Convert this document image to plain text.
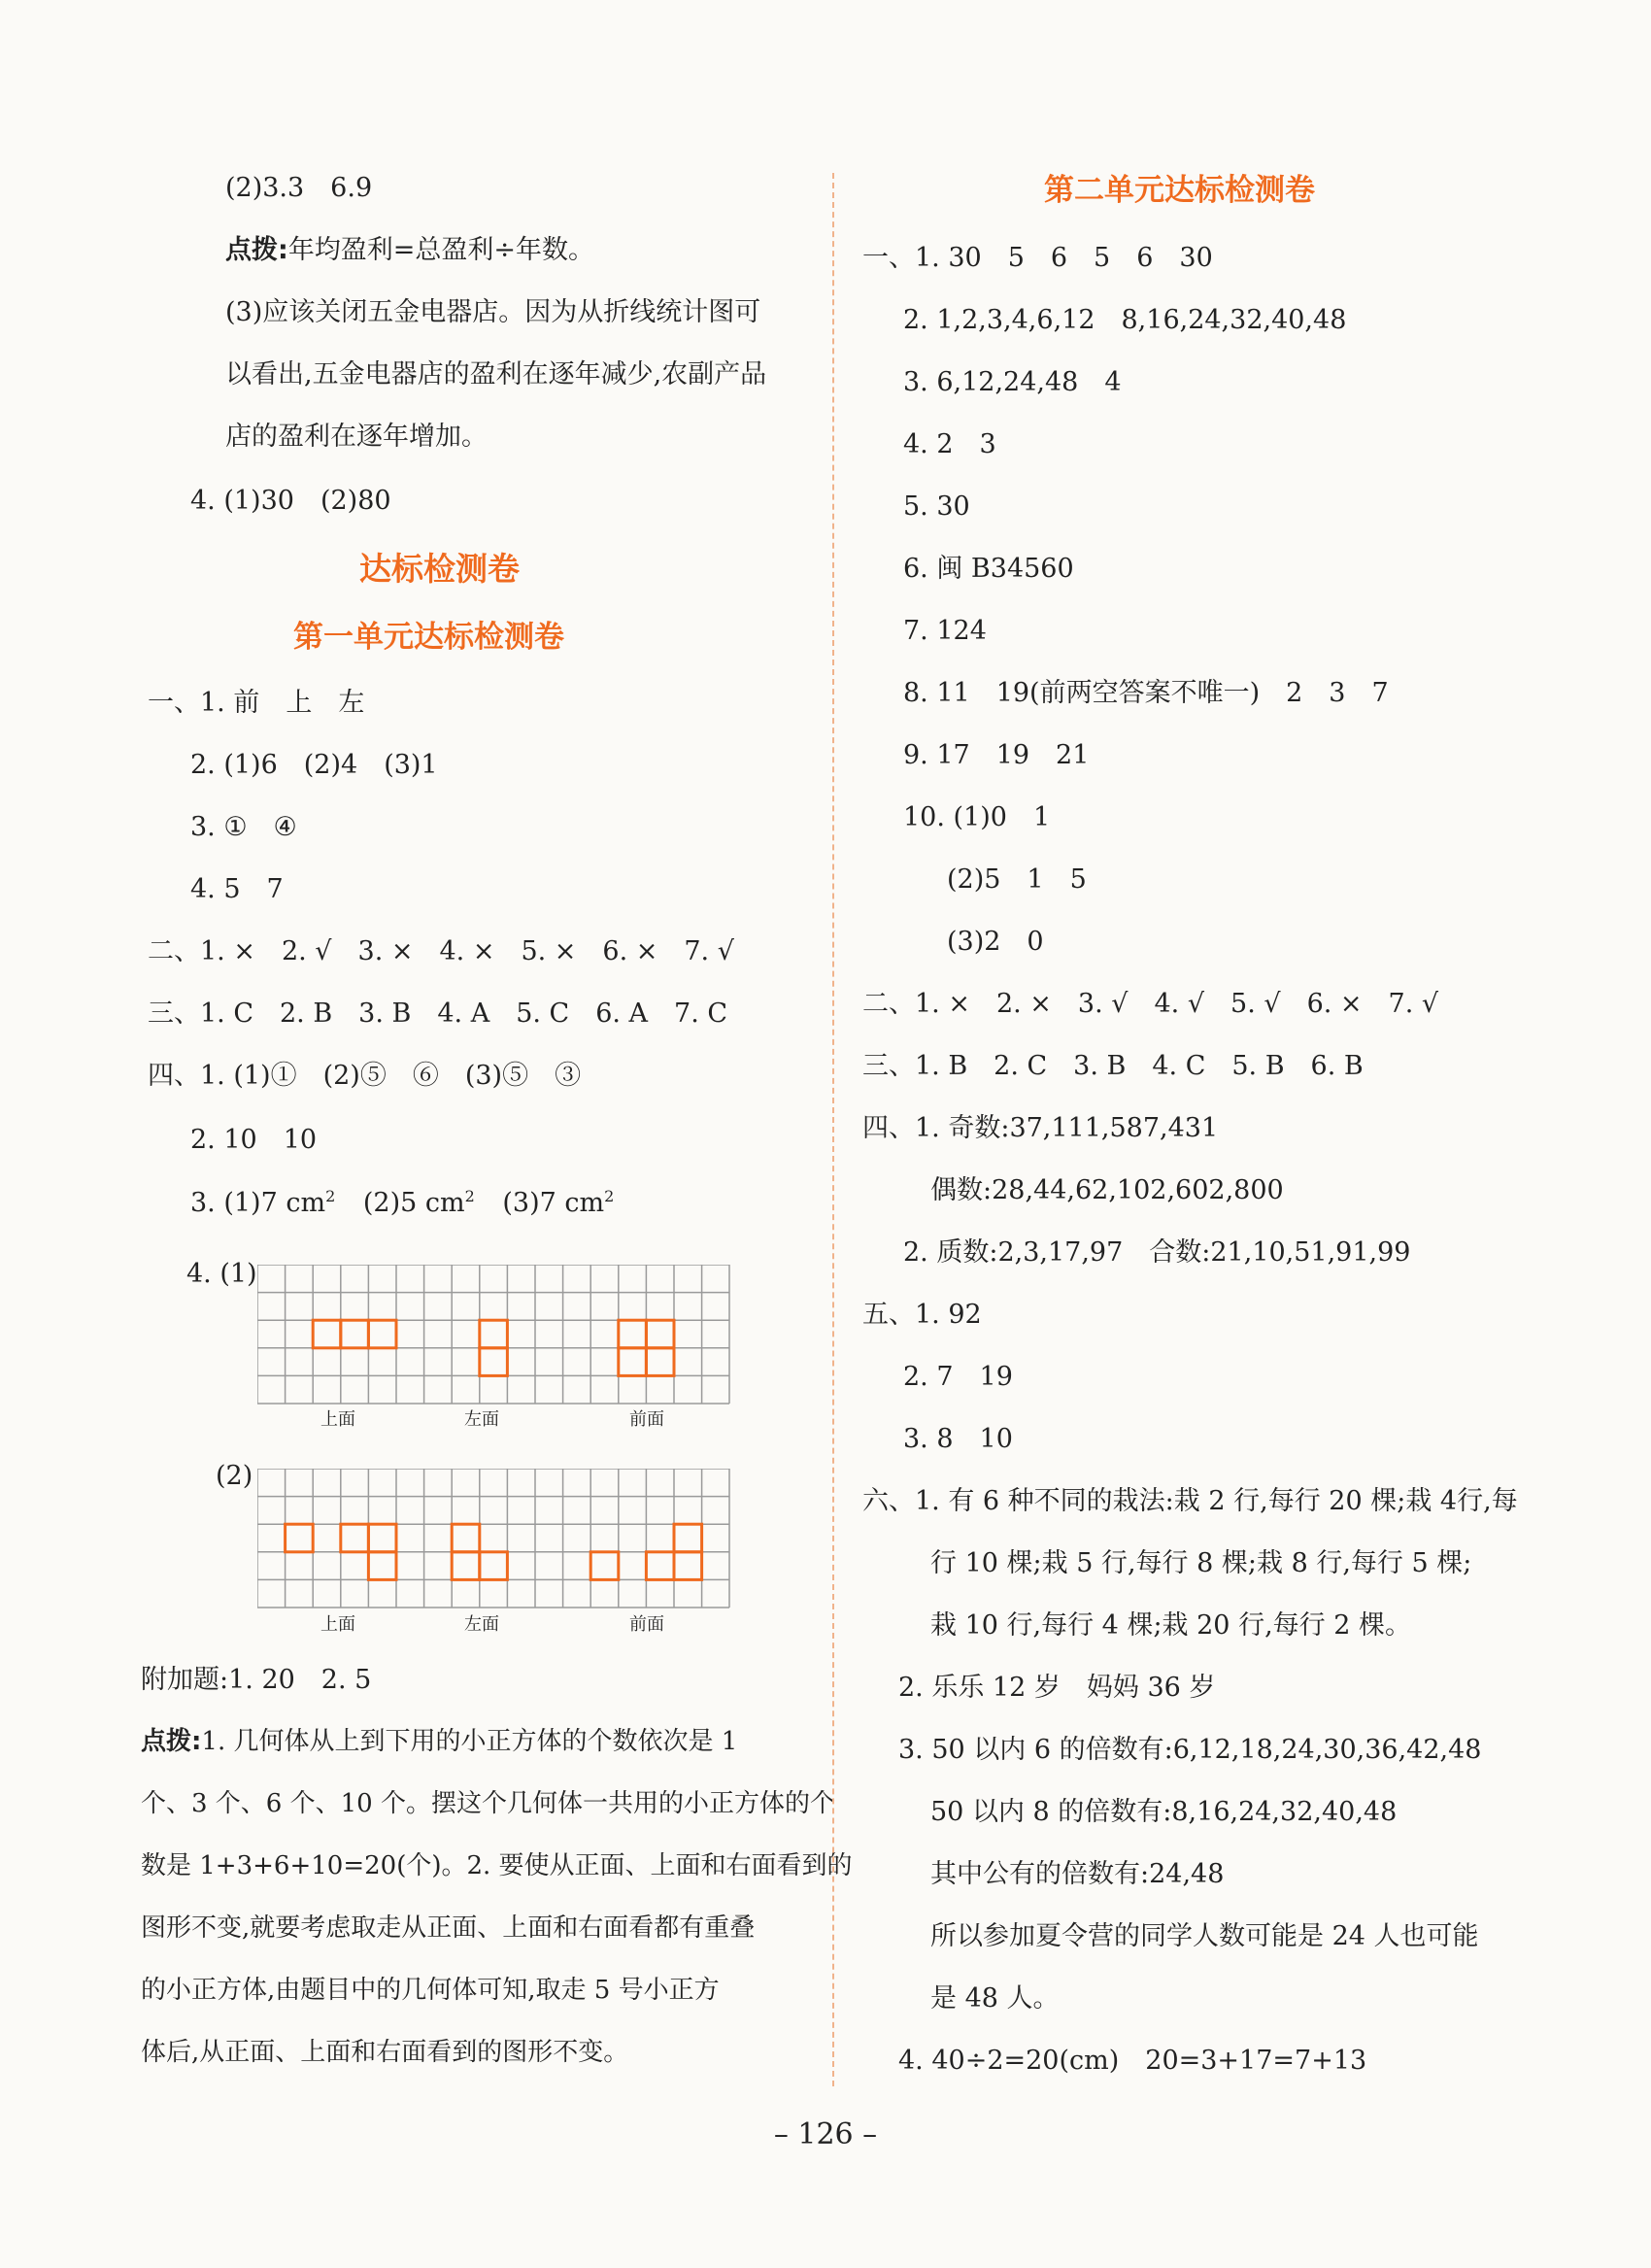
(2)3.3　6.9
点拨:年均盈利=总盈利÷年数。
(3)应该关闭五金电器店。因为从折线统计图可
以看出,五金电器店的盈利在逐年减少,农副产品
店的盈利在逐年增加。
4. (1)30　(2)80
达标检测卷
第一单元达标检测卷
一、1. 前　上　左
2. (1)6　(2)4　(3)1
3. ①　④
4. 5　7
二、1. ×　2. √　3. ×　4. ×　5. ×　6. ×　7. √
三、1. C　2. B　3. B　4. A　5. C　6. A　7. C
四、1. (1)①　(2)⑤　⑥　(3)⑤　③
2. 10　10
3. (1)7 $cm^2$ (2)5 $cm^2$ (3)7 $cm^2$
4. (1)
上面	左面	前面
(2)
上面	左面	前面
附加题:1. 20　2. 5
点拨:1. 几何体从上到下用的小正方体的个数依次是 1
个、3 个、6 个、10 个。摆这个几何体一共用的小正方体的个
数是 1+3+6+10=20(个)。2. 要使从正面、上面和右面看到的
图形不变,就要考虑取走从正面、上面和右面看都有重叠
的小正方体,由题目中的几何体可知,取走 5 号小正方
体后,从正面、上面和右面看到的图形不变。
第二单元达标检测卷
一、1. 30　5　6　5　6　30
2. 1,2,3,4,6,12　8,16,24,32,40,48
3. 6,12,24,48　4
4. 2　3
5. 30
6. 闽 B34560
7. 124
8. 11　19(前两空答案不唯一)　2　3　7
9. 17　19　21
10. (1)0　1
(2)5　1　5
(3)2　0
二、1. ×　2. ×　3. √　4. √　5. √　6. ×　7. √
三、1. B　2. C　3. B　4. C　5. B　6. B
四、1. 奇数:37,111,587,431
偶数:28,44,62,102,602,800
2. 质数:2,3,17,97　合数:21,10,51,91,99
五、1. 92
2. 7　19
3. 8　10
六、1. 有 6 种不同的栽法:栽 2 行,每行 20 棵;栽 4行,每
行 10 棵;栽 5 行,每行 8 棵;栽 8 行,每行 5 棵;
栽 10 行,每行 4 棵;栽 20 行,每行 2 棵。
2. 乐乐 12 岁　妈妈 36 岁
3. 50 以内 6 的倍数有:6,12,18,24,30,36,42,48
50 以内 8 的倍数有:8,16,24,32,40,48
其中公有的倍数有:24,48
所以参加夏令营的同学人数可能是 24 人也可能
是 48 人。
4. 40÷2=20(cm)　20=3+17=7+13
– 126 –
